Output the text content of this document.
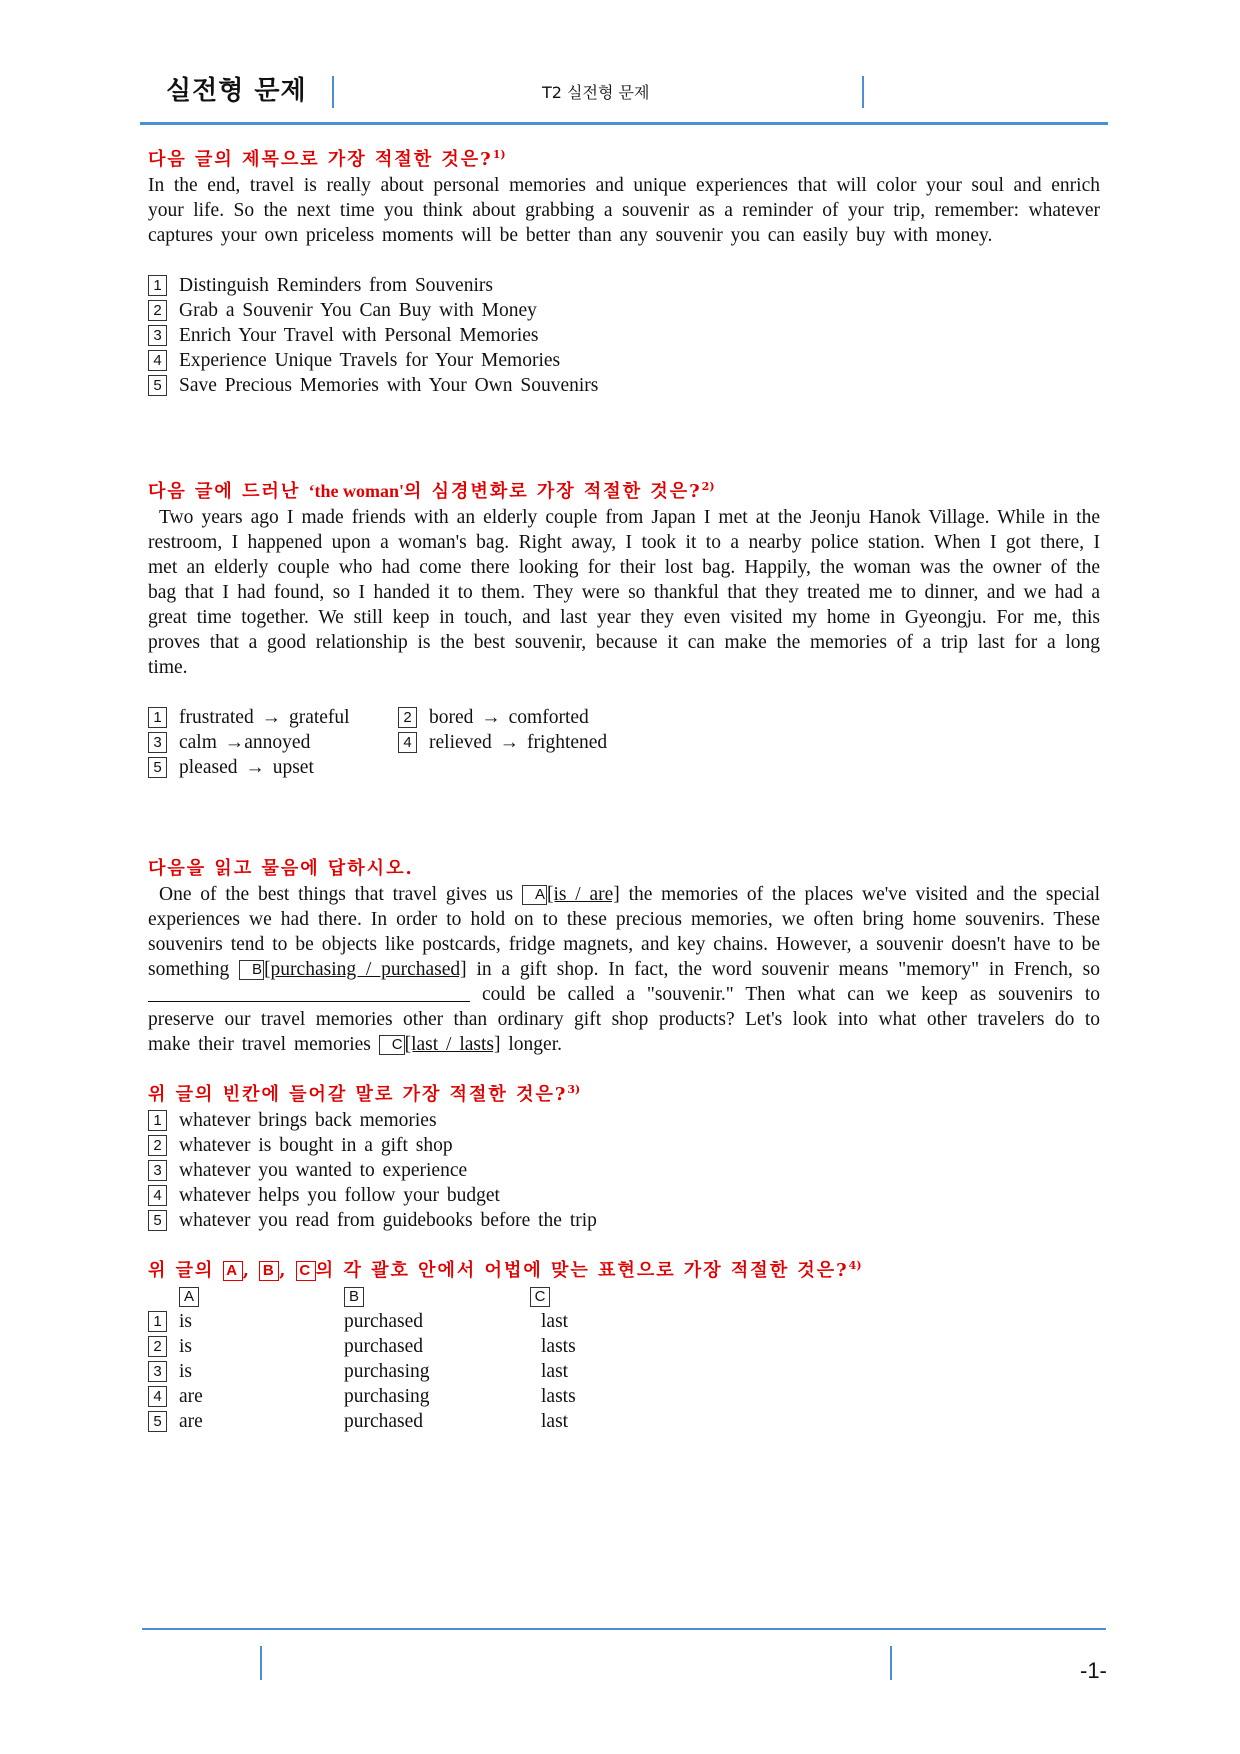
실전형 문제	T2 실전형 문제

다음 글의 제목으로 가장 적절한 것은?$^{1)}$

In the end, travel is really about personal memories and unique experiences that will color your soul and enrich your life. So the next time you think about grabbing a souvenir as a reminder of your trip, remember: whatever captures your own priceless moments will be better than any souvenir you can easily buy with money.

1 Distinguish Reminders from Souvenirs

2 Grab a Souvenir You Can Buy with Money

3 Enrich Your Travel with Personal Memories

4 Experience Unique Travels for Your Memories

5 Save Precious Memories with Your Own Souvenirs

다음 글에 드러난 ‘the woman'의 심경변화로 가장 적절한 것은?$^{2)}$

Two years ago I made friends with an elderly couple from Japan I met at the Jeonju Hanok Village. While in the restroom, I happened upon a woman's bag. Right away, I took it to a nearby police station. When I got there, I met an elderly couple who had come there looking for their lost bag. Happily, the woman was the owner of the bag that I had found, so I handed it to them. They were so thankful that they treated me to dinner, and we had a great time together. We still keep in touch, and last year they even visited my home in Gyeongju. For me, this proves that a good relationship is the best souvenir, because it can make the memories of a trip last for a long time.

1 frustrated → grateful	2 bored → comforted

3 calm →annoyed	4 relieved → frightened

5 pleased → upset

다음을 읽고 물음에 답하시오.

One of the best things that travel gives us A [is / are] the memories of the places we've visited and the special experiences we had there. In order to hold on to these precious memories, we often bring home souvenirs. These souvenirs tend to be objects like postcards, fridge magnets, and key chains. However, a souvenir doesn't have to be something B [purchasing / purchased] in a gift shop. In fact, the word souvenir means "memory" in French, so  could be called a "souvenir." Then what can we keep as souvenirs to preserve our travel memories other than ordinary gift shop products? Let's look into what other travelers do to make their travel memories C [last / lasts] longer.

위 글의 빈칸에 들어갈 말로 가장 적절한 것은?$^{3)}$

1 whatever brings back memories

2 whatever is bought in a gift shop

3 whatever you wanted to experience

4 whatever helps you follow your budget

5 whatever you read from guidebooks before the trip

위 글의 A , B , C 의 각 괄호 안에서 어법에 맞는 표현으로 가장 적절한 것은?$^{4)}$

A	B	C

1 is	purchased	last

2 is	purchased	lasts

3 is	purchasing	last

4 are	purchasing	lasts

5 are	purchased	last

-1-
